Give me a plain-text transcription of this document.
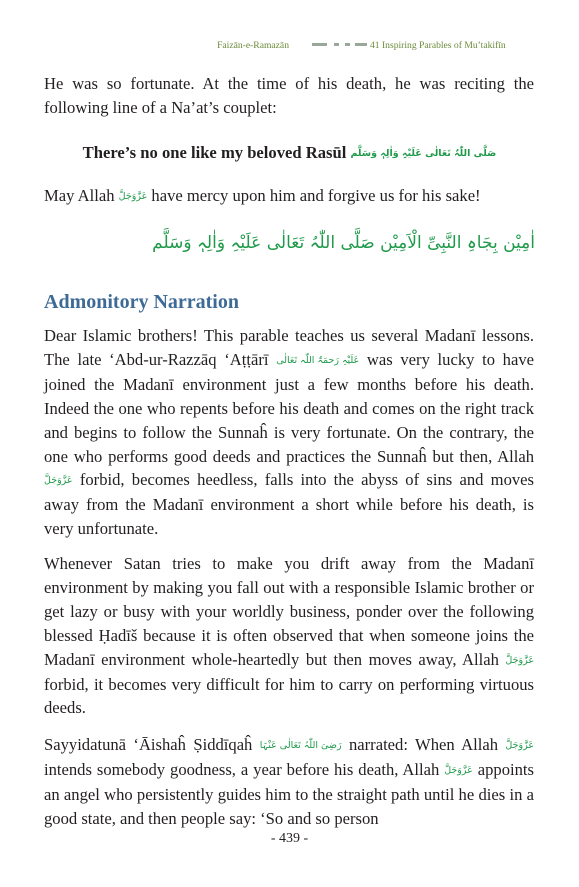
Faizān-e-Ramazān	41 Inspiring Parables of Mu’takifīn

He was so fortunate. At the time of his death, he was reciting the following line of a Na’at’s couplet:

There’s no one like my beloved Rasūl صَلَّی اللّٰہُ تَعَالٰی عَلَیْہِ وَاٰلِہٖ وَسَلَّم

May Allah عَزَّوَجَلَّ have mercy upon him and forgive us for his sake!

اٰمِیْن بِجَاہِ النَّبِیِّ الْاَمِیْن صَلَّی اللّٰہُ تَعَالٰی عَلَیْہِ وَاٰلِہٖ وَسَلَّم
Admonitory Narration

Dear Islamic brothers! This parable teaches us several Madanī lessons. The late ‘Abd-ur-Razzāq ‘Aṭṭārī عَلَیْہِ رَحمَۃُ اللّٰہ تَعَالٰی was very lucky to have joined the Madanī environment just a few months before his death. Indeed the one who repents before his death and comes on the right track and begins to follow the Sunnaĥ is very fortunate. On the contrary, the one who performs good deeds and practices the Sunnaĥ but then, Allah عَزَّوَجَلَّ forbid, becomes heedless, falls into the abyss of sins and moves away from the Madanī environment a short while before his death, is very unfortunate.

Whenever Satan tries to make you drift away from the Madanī environment by making you fall out with a responsible Islamic brother or get lazy or busy with your worldly business, ponder over the following blessed Ḥadīš because it is often observed that when someone joins the Madanī environment whole-heartedly but then moves away, Allah عَزَّوَجَلَّ forbid, it becomes very difficult for him to carry on performing virtuous deeds.

Sayyidatunā ‘Āishaĥ Ṣiddīqaĥ رَضِیَ اللّٰہُ تَعَالٰی عَنْہَا narrated: When Allah عَزَّوَجَلَّ intends somebody goodness, a year before his death, Allah عَزَّوَجَلَّ appoints an angel who persistently guides him to the straight path until he dies in a good state, and then people say: ‘So and so person

- 439 -
